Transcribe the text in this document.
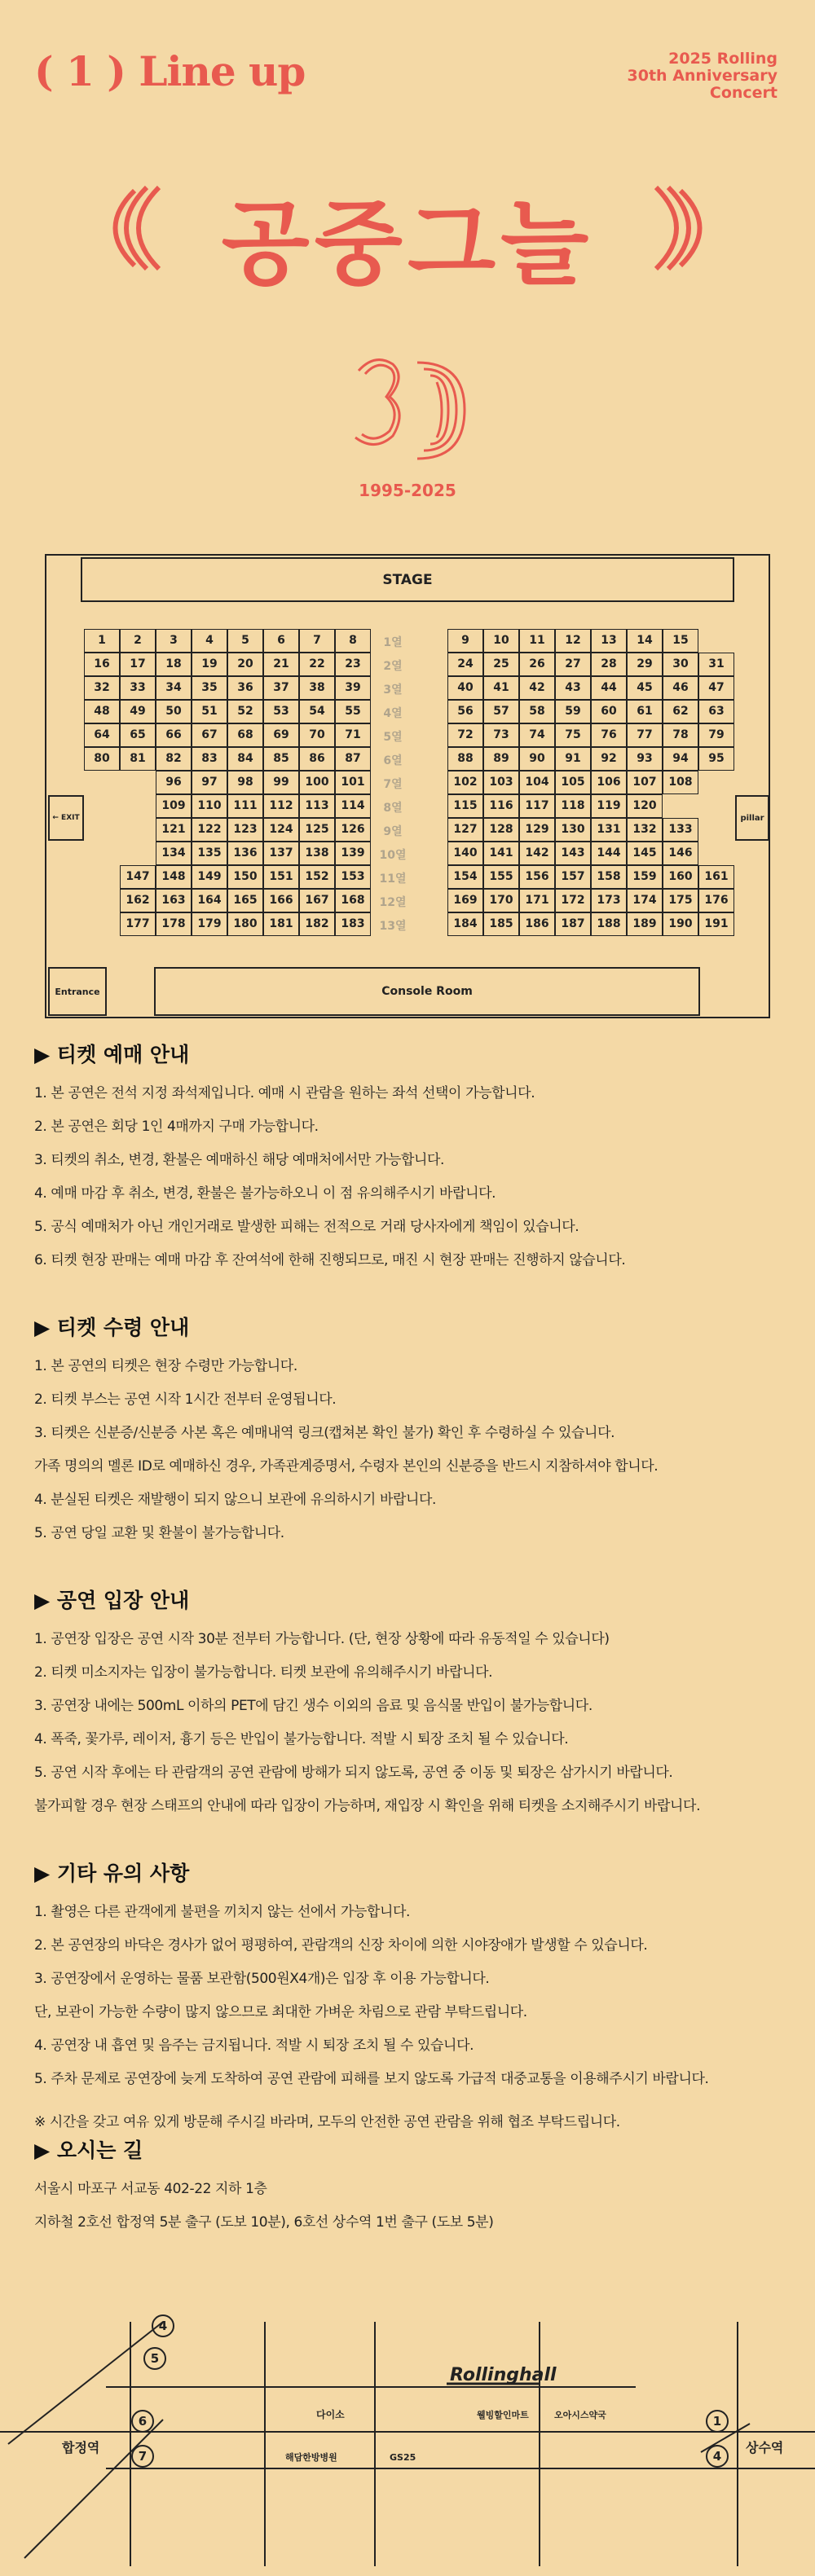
( 1 ) Line up	2025 Rolling
30th Anniversary
Concert
공중그늘
1995-2025
STAGE
← EXIT	pillar
Entrance	Console Room
1	2	3	4	5	6	7	8	1열	9	10	11	12	13	14	15
16	17	18	19	20	21	22	23	2열	24	25	26	27	28	29	30	31
32	33	34	35	36	37	38	39	3열	40	41	42	43	44	45	46	47
48	49	50	51	52	53	54	55	4열	56	57	58	59	60	61	62	63
64	65	66	67	68	69	70	71	5열	72	73	74	75	76	77	78	79
80	81	82	83	84	85	86	87	6열	88	89	90	91	92	93	94	95
96	97	98	99	100	101	7열	102	103	104	105	106	107	108
109	110	111	112	113	114	8열	115	116	117	118	119	120
121	122	123	124	125	126	9열	127	128	129	130	131	132	133
134	135	136	137	138	139	10열	140	141	142	143	144	145	146
147	148	149	150	151	152	153	11열	154	155	156	157	158	159	160	161
162	163	164	165	166	167	168	12열	169	170	171	172	173	174	175	176
177	178	179	180	181	182	183	13열	184	185	186	187	188	189	190	191
▶ 티켓 예매 안내
1. 본 공연은 전석 지정 좌석제입니다. 예매 시 관람을 원하는 좌석 선택이 가능합니다.
2. 본 공연은 회당 1인 4매까지 구매 가능합니다.
3. 티켓의 취소, 변경, 환불은 예매하신 해당 예매처에서만 가능합니다.
4. 예매 마감 후 취소, 변경, 환불은 불가능하오니 이 점 유의해주시기 바랍니다.
5. 공식 예매처가 아닌 개인거래로 발생한 피해는 전적으로 거래 당사자에게 책임이 있습니다.
6. 티켓 현장 판매는 예매 마감 후 잔여석에 한해 진행되므로, 매진 시 현장 판매는 진행하지 않습니다.
▶ 티켓 수령 안내
1. 본 공연의 티켓은 현장 수령만 가능합니다.
2. 티켓 부스는 공연 시작 1시간 전부터 운영됩니다.
3. 티켓은 신분증/신분증 사본 혹은 예매내역 링크(캡쳐본 확인 불가) 확인 후 수령하실 수 있습니다.
가족 명의의 멜론 ID로 예매하신 경우, 가족관계증명서, 수령자 본인의 신분증을 반드시 지참하셔야 합니다.
4. 분실된 티켓은 재발행이 되지 않으니 보관에 유의하시기 바랍니다.
5. 공연 당일 교환 및 환불이 불가능합니다.
▶ 공연 입장 안내
1. 공연장 입장은 공연 시작 30분 전부터 가능합니다. (단, 현장 상황에 따라 유동적일 수 있습니다)
2. 티켓 미소지자는 입장이 불가능합니다. 티켓 보관에 유의해주시기 바랍니다.
3. 공연장 내에는 500mL 이하의 PET에 담긴 생수 이외의 음료 및 음식물 반입이 불가능합니다.
4. 폭죽, 꽃가루, 레이저, 흉기 등은 반입이 불가능합니다. 적발 시 퇴장 조치 될 수 있습니다.
5. 공연 시작 후에는 타 관람객의 공연 관람에 방해가 되지 않도록, 공연 중 이동 및 퇴장은 삼가시기 바랍니다.
불가피할 경우 현장 스태프의 안내에 따라 입장이 가능하며, 재입장 시 확인을 위해 티켓을 소지해주시기 바랍니다.
▶ 기타 유의 사항
1. 촬영은 다른 관객에게 불편을 끼치지 않는 선에서 가능합니다.
2. 본 공연장의 바닥은 경사가 없어 평평하여, 관람객의 신장 차이에 의한 시야장애가 발생할 수 있습니다.
3. 공연장에서 운영하는 물품 보관함(500원X4개)은 입장 후 이용 가능합니다.
단, 보관이 가능한 수량이 많지 않으므로 최대한 가벼운 차림으로 관람 부탁드립니다.
4. 공연장 내 흡연 및 음주는 금지됩니다. 적발 시 퇴장 조치 될 수 있습니다.
5. 주차 문제로 공연장에 늦게 도착하여 공연 관람에 피해를 보지 않도록 가급적 대중교통을 이용해주시기 바랍니다.
※ 시간을 갖고 여유 있게 방문해 주시길 바라며, 모두의 안전한 공연 관람을 위해 협조 부탁드립니다.
▶ 오시는 길
서울시 마포구 서교동 402-22 지하 1층
지하철 2호선 합정역 5분 출구 (도보 10분), 6호선 상수역 1번 출구 (도보 5분)
4
5
6
7
1
4
합정역	상수역
Rollinghall
다이소
해담한방병원	GS25
웰빙할인마트	오아시스약국
